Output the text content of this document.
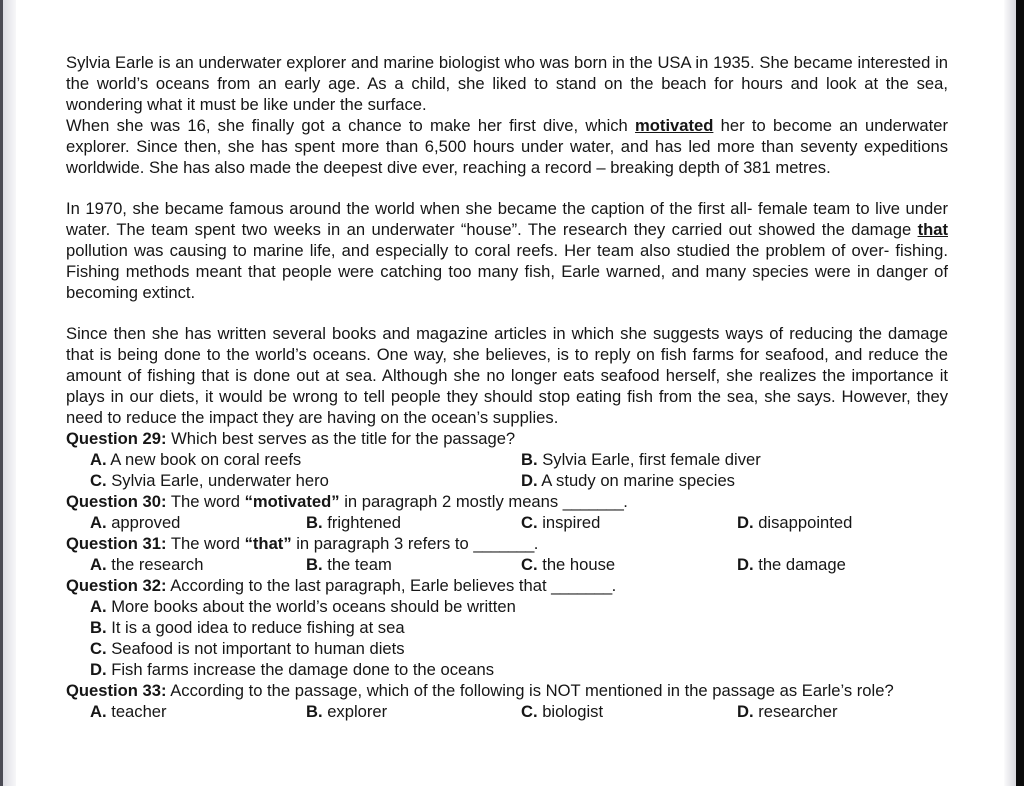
Sylvia Earle is an underwater explorer and marine biologist who was born in the USA in 1935. She became interested in the world’s oceans from an early age. As a child, she liked to stand on the beach for hours and look at the sea, wondering what it must be like under the surface.
When she was 16, she finally got a chance to make her first dive, which motivated her to become an underwater explorer. Since then, she has spent more than 6,500 hours under water, and has led more than seventy expeditions worldwide. She has also made the deepest dive ever, reaching a record – breaking depth of 381 metres.
In 1970, she became famous around the world when she became the caption of the first all- female team to live under water. The team spent two weeks in an underwater “house”. The research they carried out showed the damage that pollution was causing to marine life, and especially to coral reefs. Her team also studied the problem of over- fishing. Fishing methods meant that people were catching too many fish, Earle warned, and many species were in danger of becoming extinct.
Since then she has written several books and magazine articles in which she suggests ways of reducing the damage that is being done to the world’s oceans. One way, she believes, is to reply on fish farms for seafood, and reduce the amount of fishing that is done out at sea. Although she no longer eats seafood herself, she realizes the importance it plays in our diets, it would be wrong to tell people they should stop eating fish from the sea, she says. However, they need to reduce the impact they are having on the ocean’s supplies.
Question 29: Which best serves as the title for the passage?
A. A new book on coral reefs	B. Sylvia Earle, first female diver
C. Sylvia Earle, underwater hero	D. A study on marine species
Question 30: The word “motivated” in paragraph 2 mostly means _______.
A. approved	B. frightened	C. inspired	D. disappointed
Question 31: The word “that” in paragraph 3 refers to _______.
A. the research	B. the team	C. the house	D. the damage
Question 32: According to the last paragraph, Earle believes that _______.
A. More books about the world’s oceans should be written
B. It is a good idea to reduce fishing at sea
C. Seafood is not important to human diets
D. Fish farms increase the damage done to the oceans
Question 33: According to the passage, which of the following is NOT mentioned in the passage as Earle’s role?
A. teacher	B. explorer	C. biologist	D. researcher
